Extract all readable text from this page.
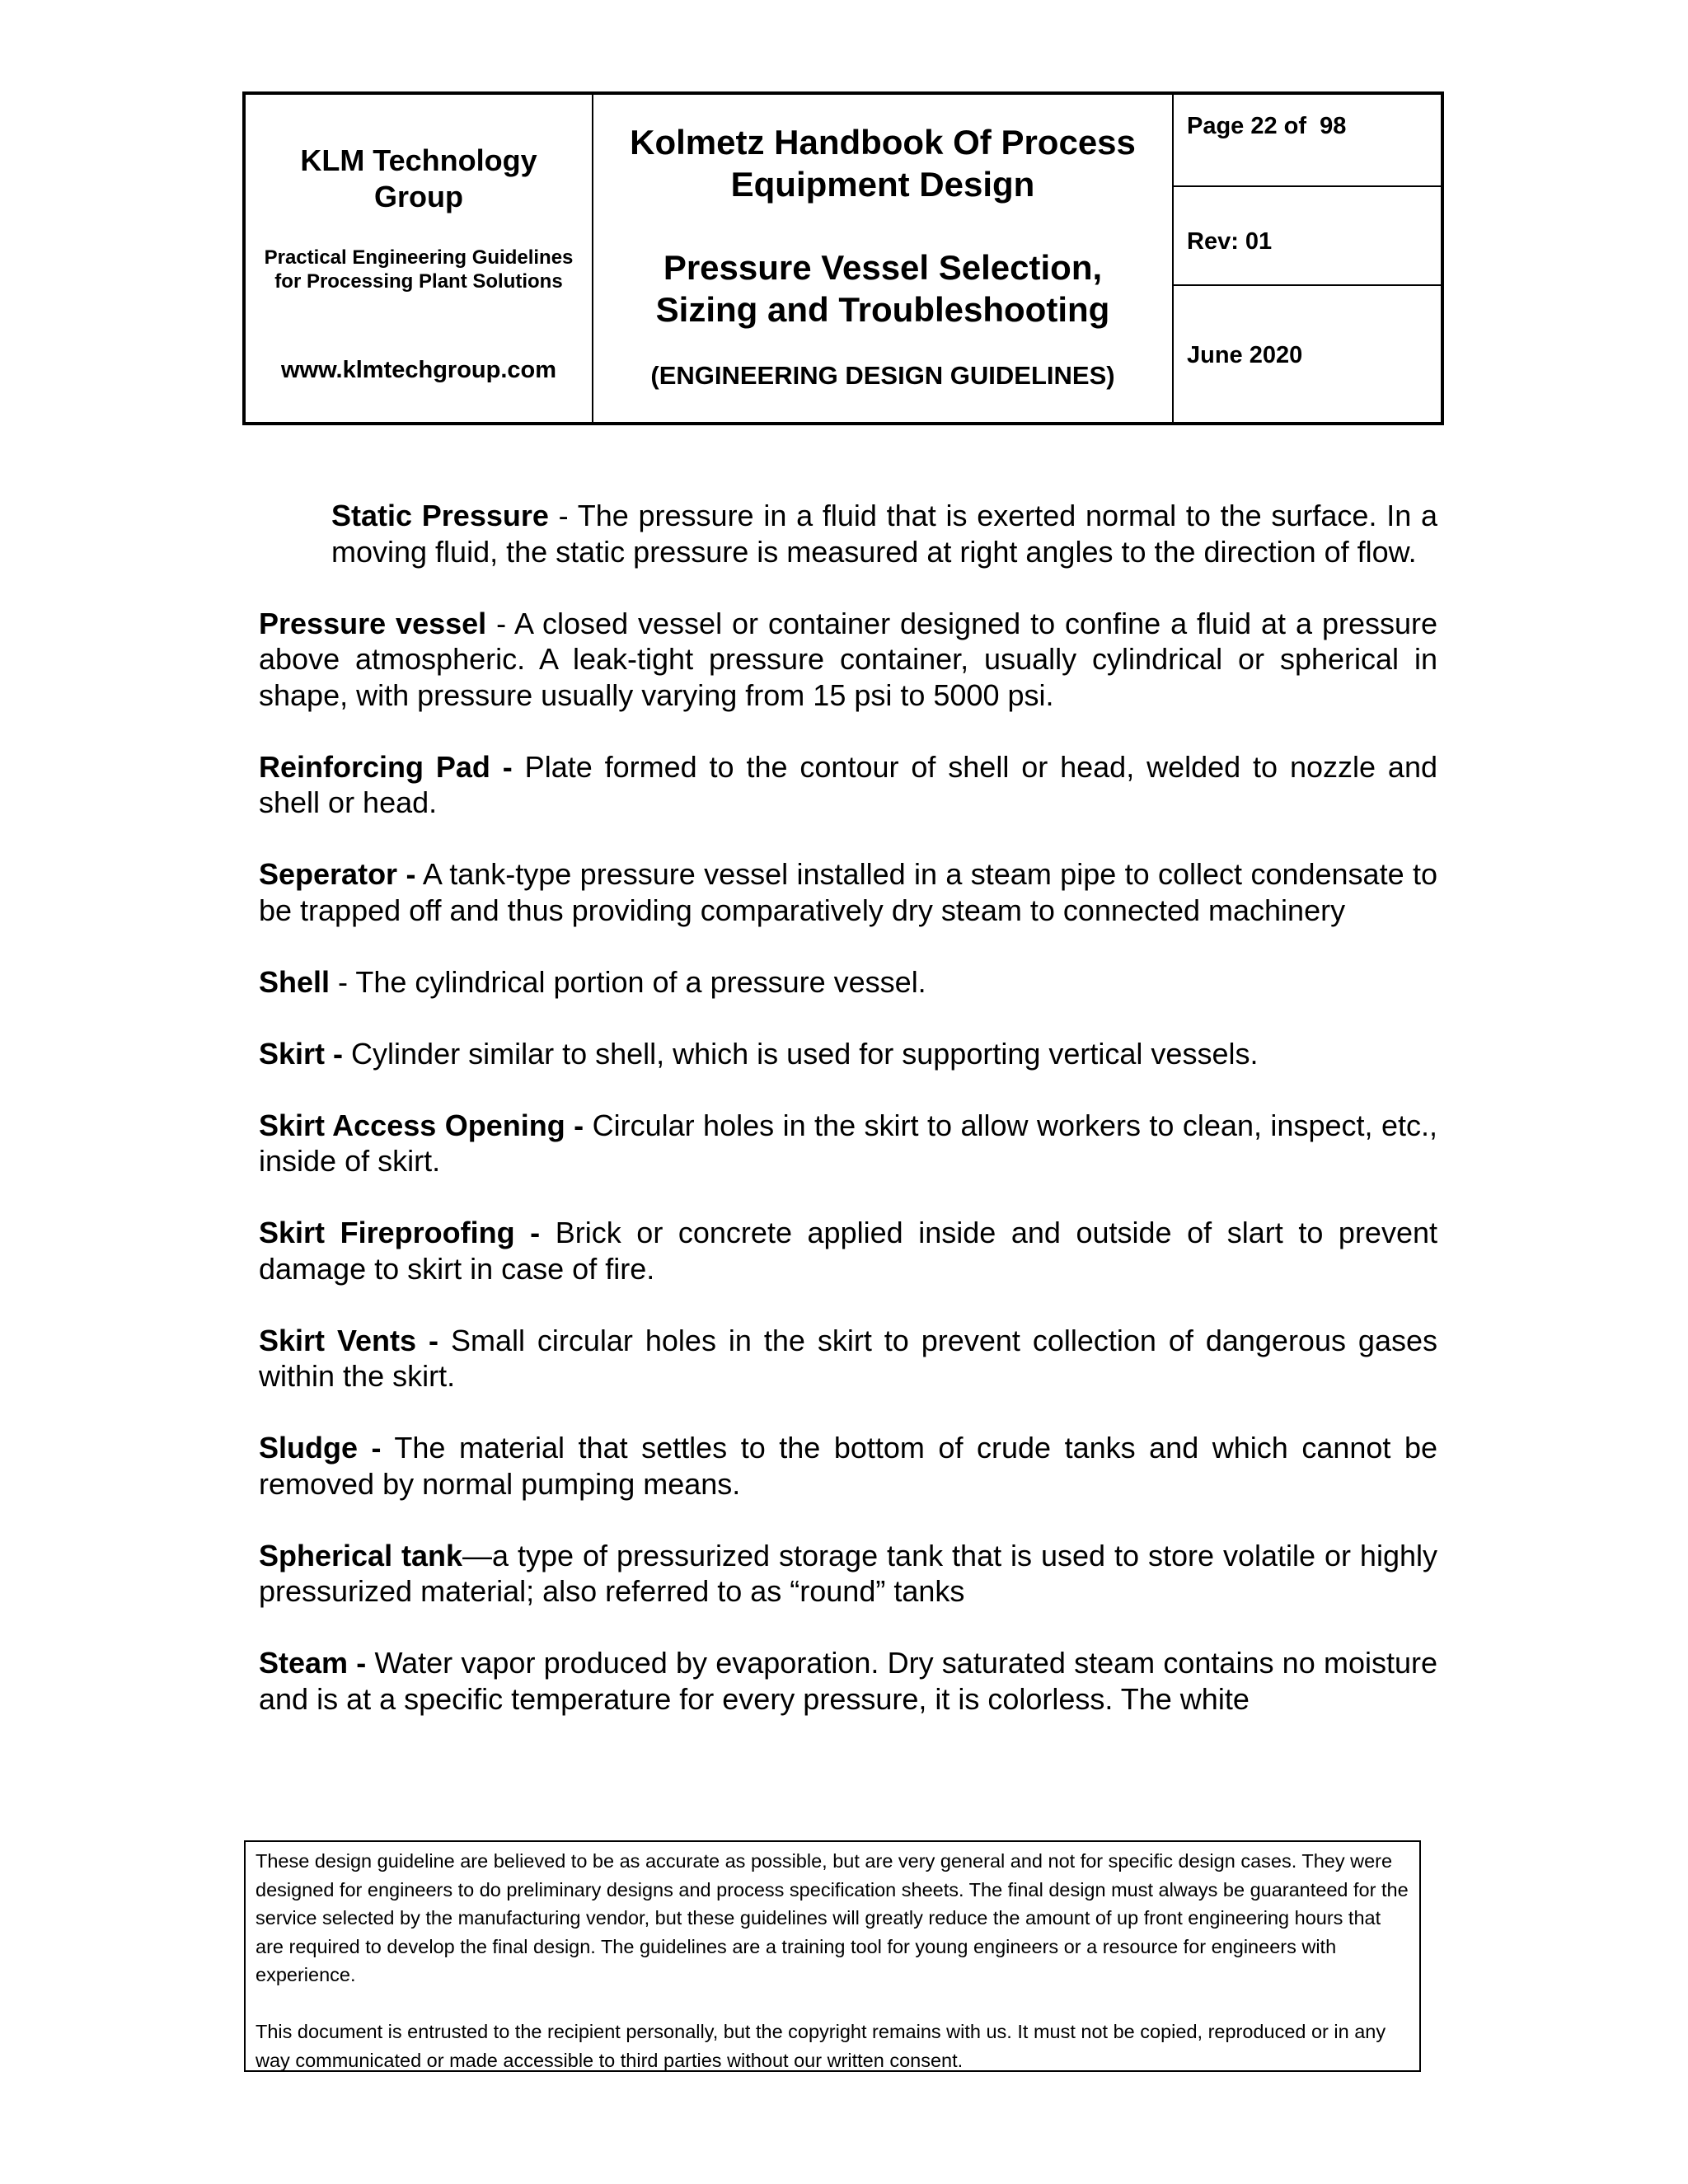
KLM Technology Group
Practical Engineering Guidelines for Processing Plant Solutions
www.klmtechgroup.com
Kolmetz Handbook Of Process Equipment Design
Pressure Vessel Selection, Sizing and Troubleshooting
(ENGINEERING DESIGN GUIDELINES)
Page 22 of  98
Rev: 01
June 2020

Static Pressure - The pressure in a fluid that is exerted normal to the surface. In a moving fluid, the static pressure is measured at right angles to the direction of flow.

Pressure vessel - A closed vessel or container designed to confine a fluid at a pressure above atmospheric. A leak-tight pressure container, usually cylindrical or spherical in shape, with pressure usually varying from 15 psi to 5000 psi.

Reinforcing Pad - Plate formed to the contour of shell or head, welded to nozzle and shell or head.

Seperator - A tank-type pressure vessel installed in a steam pipe to collect condensate to be trapped off and thus providing comparatively dry steam to connected machinery

Shell - The cylindrical portion of a pressure vessel.

Skirt - Cylinder similar to shell, which is used for supporting vertical vessels.

Skirt Access Opening - Circular holes in the skirt to allow workers to clean, inspect, etc., inside of skirt.

Skirt Fireproofing - Brick or concrete applied inside and outside of slart to prevent damage to skirt in case of fire.

Skirt Vents - Small circular holes in the skirt to prevent collection of dangerous gases within the skirt.

Sludge - The material that settles to the bottom of crude tanks and which cannot be removed by normal pumping means.

Spherical tank—a type of pressurized storage tank that is used to store volatile or highly pressurized material; also referred to as “round” tanks

Steam - Water vapor produced by evaporation. Dry saturated steam contains no moisture and is at a specific temperature for every pressure, it is colorless. The white

These design guideline are believed to be as accurate as possible, but are very general and not for specific design cases. They were designed for engineers to do preliminary designs and process specification sheets. The final design must always be guaranteed for the service selected by the manufacturing vendor, but these guidelines will greatly reduce the amount of up front engineering hours that are required to develop the final design. The guidelines are a training tool for young engineers or a resource for engineers with experience.

This document is entrusted to the recipient personally, but the copyright remains with us. It must not be copied, reproduced or in any way communicated or made accessible to third parties without our written consent.
